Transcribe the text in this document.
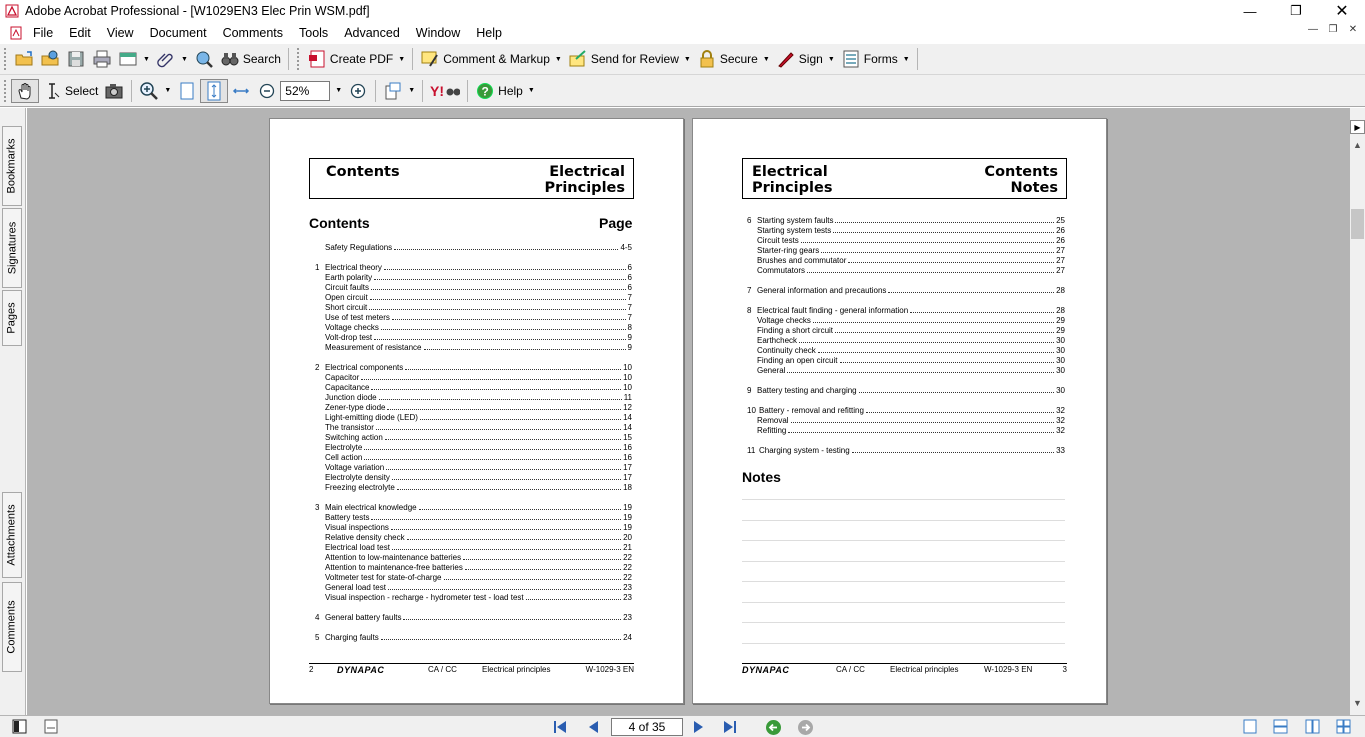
Adobe Acrobat Professional - [W1029EN3 Elec Prin WSM.pdf]	—	❐	✕
File Edit View Document Comments Tools Advanced Window Help	— ❐ ✕
▼	▼	Search	Create PDF ▼	Comment & Markup ▼ Send for Review ▼ Secure ▼ Sign ▼ Forms ▼
Select	▼	52%	▼	▼ Y!	? Help ▼
Bookmarks
Signatures
Pages
Attachments
Comments
Contents	Electrical
Principles
Contents	Page
Safety Regulations	4-5
1 Electrical theory	6
Earth polarity	6
Circuit faults	6
Open circuit	7
Short circuit	7
Use of test meters	7
Voltage checks	8
Volt-drop test	9
Measurement of resistance	9
2 Electrical components	10
Capacitor	10
Capacitance	10
Junction diode	11
Zener-type diode	12
Light-emitting diode (LED)	14
The transistor	14
Switching action	15
Electrolyte	16
Cell action	16
Voltage variation	17
Electrolyte density	17
Freezing electrolyte	18
3 Main electrical knowledge	19
Battery tests	19
Visual inspections	19
Relative density check	20
Electrical load test	21
Attention to low-maintenance batteries	22
Attention to maintenance-free batteries	22
Voltmeter test for state-of-charge	22
General load test	23
Visual inspection - recharge - hydrometer test - load test	23
4 General battery faults	23
5 Charging faults	24
2	DYNAPAC	CA / CC	Electrical principles	W-1029-3 EN
Electrical
Principles
Contents
Notes
6 Starting system faults	25
Starting system tests	26
Circuit tests	26
Starter-ring gears	27
Brushes and commutator	27
Commutators	27
7 General information and precautions	28
8 Electrical fault finding - general information	28
Voltage checks	29
Finding a short circuit	29
Earthcheck	30
Continuity check	30
Finding an open circuit	30
General	30
9 Battery testing and charging	30
10 Battery - removal and refitting	32
Removal	32
Refitting	32
11 Charging system - testing	33
Notes
DYNAPAC	CA / CC	Electrical principles	W-1029-3 EN	3
▶
▲
▼
4 of 35
